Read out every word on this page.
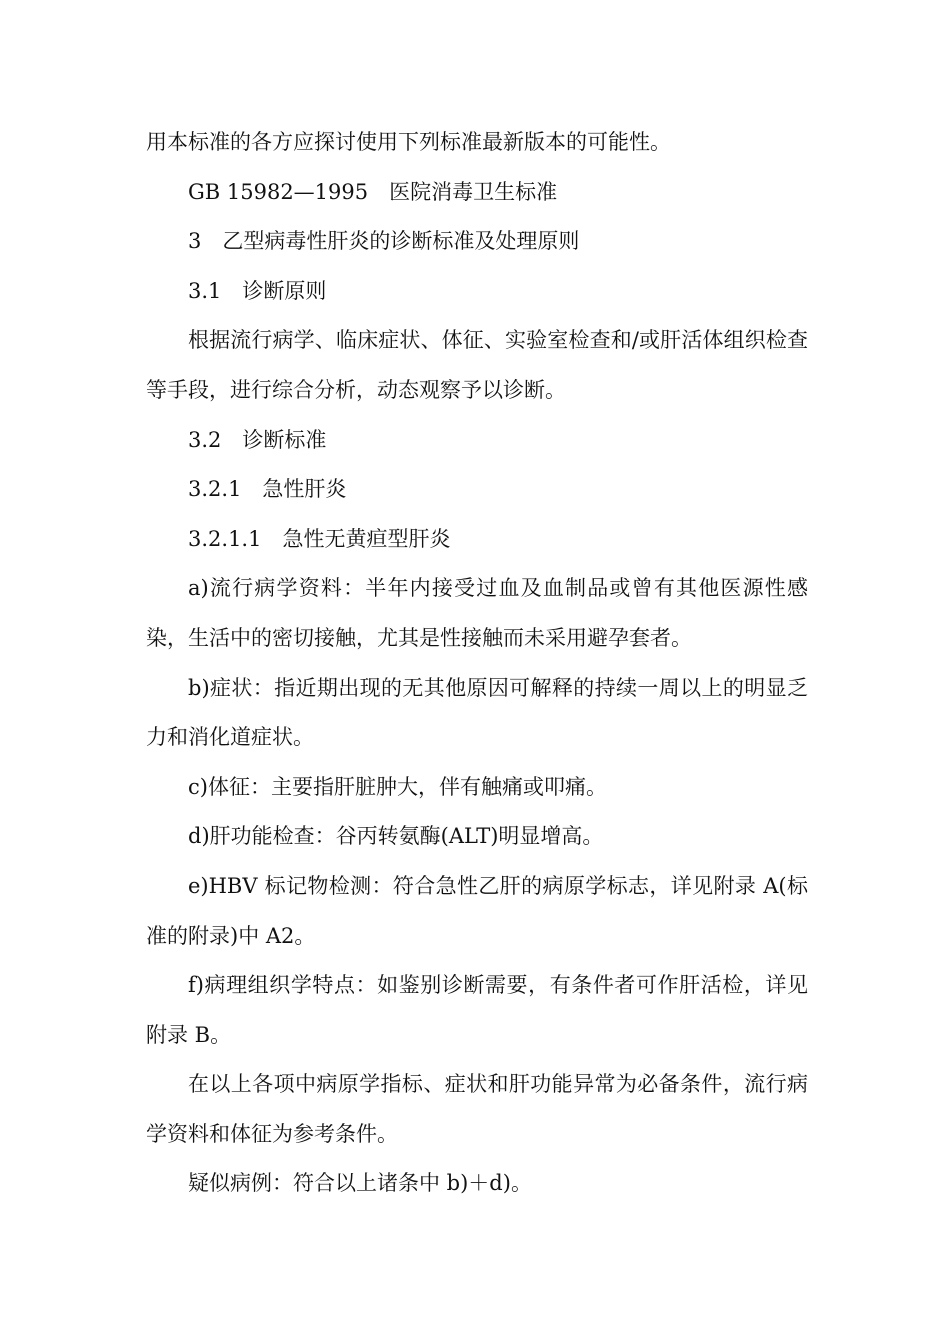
用本标准的各方应探讨使用下列标准最新版本的可能性。

GB 15982—1995　医院消毒卫生标准

3　乙型病毒性肝炎的诊断标准及处理原则

3.1　诊断原则

根据流行病学、临床症状、体征、实验室检查和/或肝活体组织检查等手段，进行综合分析，动态观察予以诊断。

3.2　诊断标准

3.2.1　急性肝炎

3.2.1.1　急性无黄疸型肝炎

a)流行病学资料：半年内接受过血及血制品或曾有其他医源性感染，生活中的密切接触，尤其是性接触而未采用避孕套者。

b)症状：指近期出现的无其他原因可解释的持续一周以上的明显乏力和消化道症状。

c)体征：主要指肝脏肿大，伴有触痛或叩痛。

d)肝功能检查：谷丙转氨酶(ALT)明显增高。

e)HBV 标记物检测：符合急性乙肝的病原学标志，详见附录 A(标准的附录)中 A2。

f)病理组织学特点：如鉴别诊断需要，有条件者可作肝活检，详见附录 B。

在以上各项中病原学指标、症状和肝功能异常为必备条件，流行病学资料和体征为参考条件。

疑似病例：符合以上诸条中 b)＋d)。
